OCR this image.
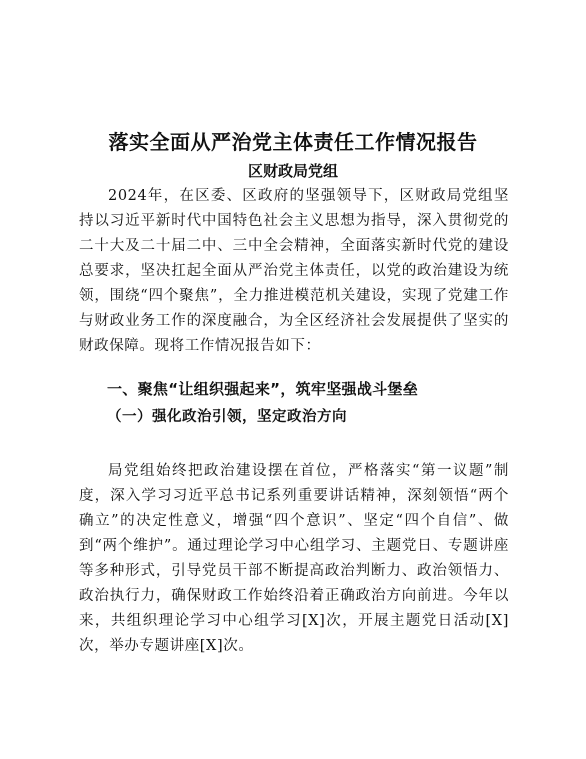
落实全面从严治党主体责任工作情况报告
区财政局党组

2024年，在区委、区政府的坚强领导下，区财政局党组坚持以习近平新时代中国特色社会主义思想为指导，深入贯彻党的二十大及二十届二中、三中全会精神，全面落实新时代党的建设总要求，坚决扛起全面从严治党主体责任，以党的政治建设为统领，围绕“四个聚焦”，全力推进模范机关建设，实现了党建工作与财政业务工作的深度融合，为全区经济社会发展提供了坚实的财政保障。现将工作情况报告如下：

一、聚焦“让组织强起来”，筑牢坚强战斗堡垒
（一）强化政治引领，坚定政治方向

局党组始终把政治建设摆在首位，严格落实“第一议题”制度，深入学习习近平总书记系列重要讲话精神，深刻领悟“两个确立”的决定性意义，增强“四个意识”、坚定“四个自信”、做到“两个维护”。通过理论学习中心组学习、主题党日、专题讲座等多种形式，引导党员干部不断提高政治判断力、政治领悟力、政治执行力，确保财政工作始终沿着正确政治方向前进。今年以来，共组织理论学习中心组学习[X]次，开展主题党日活动[X]次，举办专题讲座[X]次。
